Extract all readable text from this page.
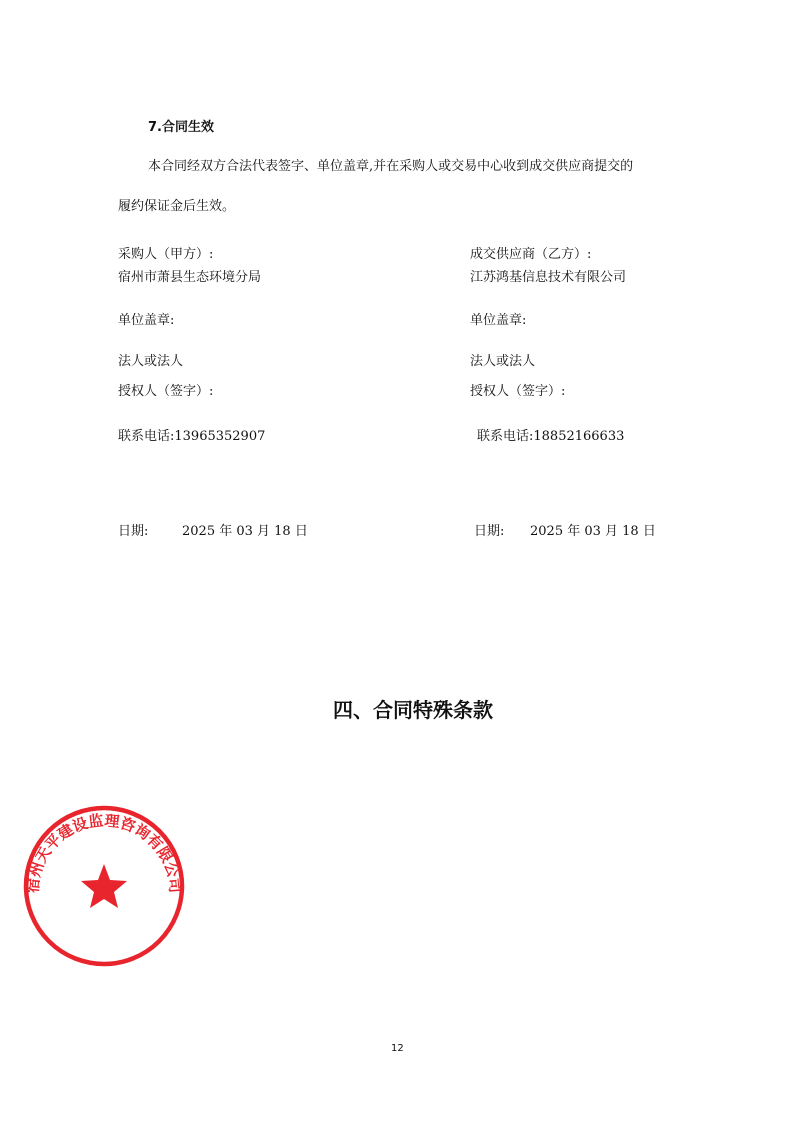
7.合同生效
本合同经双方合法代表签字、单位盖章,并在采购人或交易中心收到成交供应商提交的
履约保证金后生效。
采购人（甲方）:
宿州市萧县生态环境分局
单位盖章:
法人或法人
授权人（签字）:
联系电话:13965352907
日期:	2025 年 03 月 18 日
成交供应商（乙方）:
江苏鸿基信息技术有限公司
单位盖章:
法人或法人
授权人（签字）:
联系电话:18852166633
日期: 2025 年 03 月 18 日
四、合同特殊条款
宿州天平建设监理咨询有限公司
12
